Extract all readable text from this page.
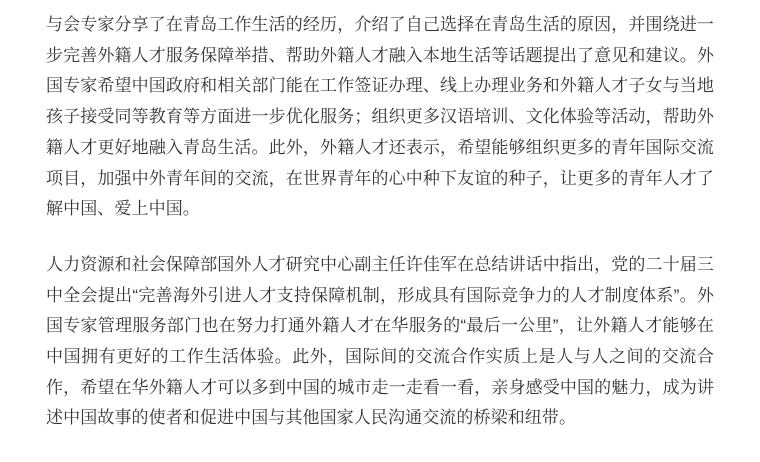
与会专家分享了在青岛工作生活的经历，介绍了自己选择在青岛生活的原因，并围绕进一步完善外籍人才服务保障举措、帮助外籍人才融入本地生活等话题提出了意见和建议。外国专家希望中国政府和相关部门能在工作签证办理、线上办理业务和外籍人才子女与当地孩子接受同等教育等方面进一步优化服务；组织更多汉语培训、文化体验等活动，帮助外籍人才更好地融入青岛生活。此外，外籍人才还表示，希望能够组织更多的青年国际交流项目，加强中外青年间的交流，在世界青年的心中种下友谊的种子，让更多的青年人才了解中国、爱上中国。

人力资源和社会保障部国外人才研究中心副主任许佳军在总结讲话中指出，党的二十届三中全会提出“完善海外引进人才支持保障机制，形成具有国际竞争力的人才制度体系”。外国专家管理服务部门也在努力打通外籍人才在华服务的“最后一公里”，让外籍人才能够在中国拥有更好的工作生活体验。此外，国际间的交流合作实质上是人与人之间的交流合作，希望在华外籍人才可以多到中国的城市走一走看一看，亲身感受中国的魅力，成为讲述中国故事的使者和促进中国与其他国家人民沟通交流的桥梁和纽带。
